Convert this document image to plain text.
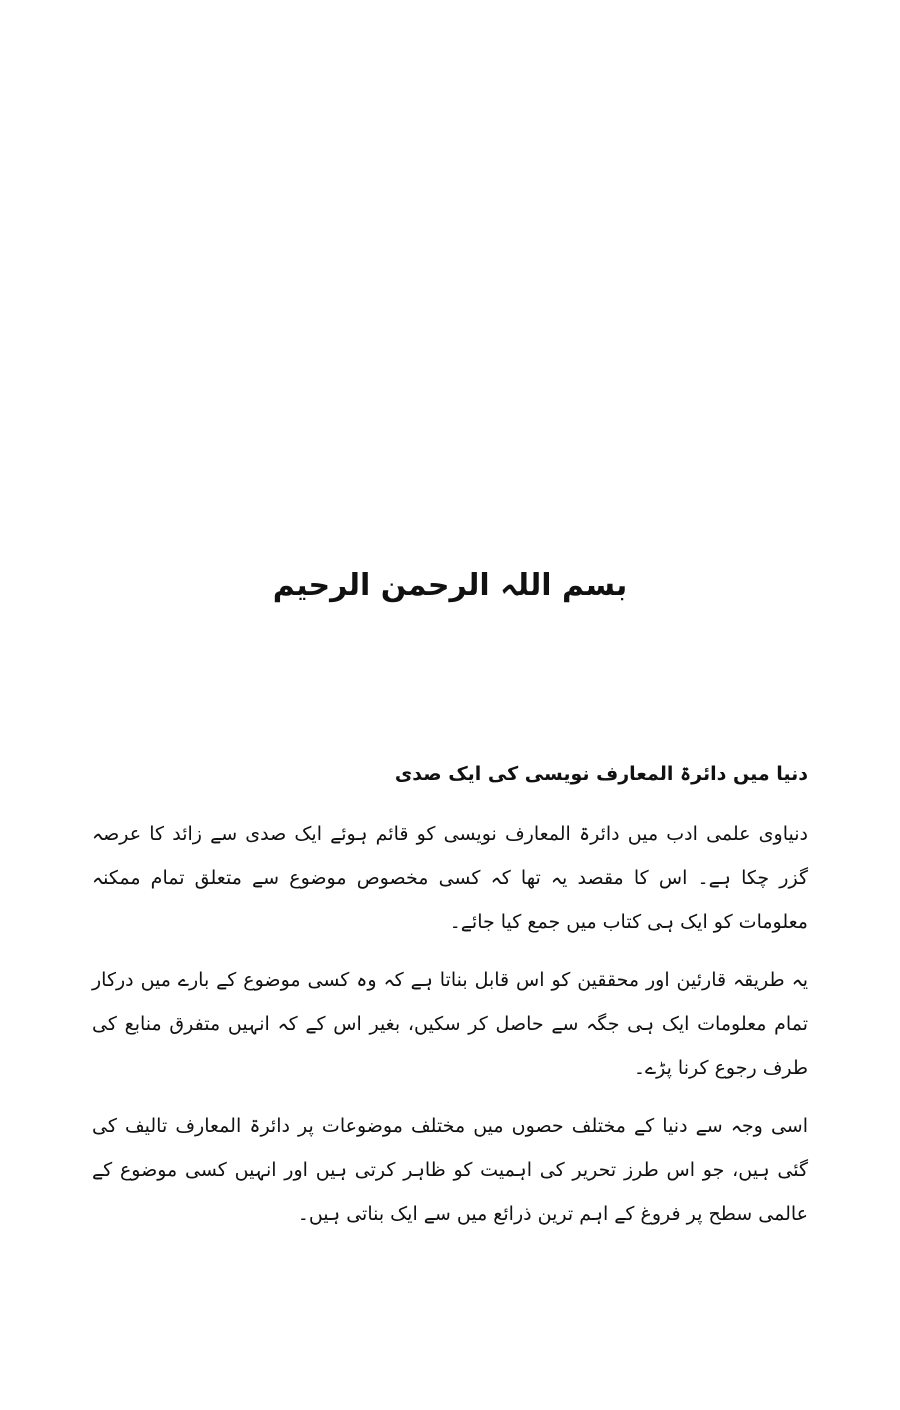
بسم اللہ الرحمن الرحیم
دنیا میں دائرۃ المعارف نویسی کی ایک صدی

دنیاوی علمی ادب میں دائرۃ المعارف نویسی کو قائم ہوئے ایک صدی سے زائد کا عرصہ گزر چکا ہے۔ اس کا مقصد یہ تھا کہ کسی مخصوص موضوع سے متعلق تمام ممکنہ معلومات کو ایک ہی کتاب میں جمع کیا جائے۔

یہ طریقہ قارئین اور محققین کو اس قابل بناتا ہے کہ وہ کسی موضوع کے بارے میں درکار تمام معلومات ایک ہی جگہ سے حاصل کر سکیں، بغیر اس کے کہ انہیں متفرق منابع کی طرف رجوع کرنا پڑے۔

اسی وجہ سے دنیا کے مختلف حصوں میں مختلف موضوعات پر دائرۃ المعارف تالیف کی گئی ہیں، جو اس طرز تحریر کی اہمیت کو ظاہر کرتی ہیں اور انہیں کسی موضوع کے عالمی سطح پر فروغ کے اہم ترین ذرائع میں سے ایک بناتی ہیں۔
